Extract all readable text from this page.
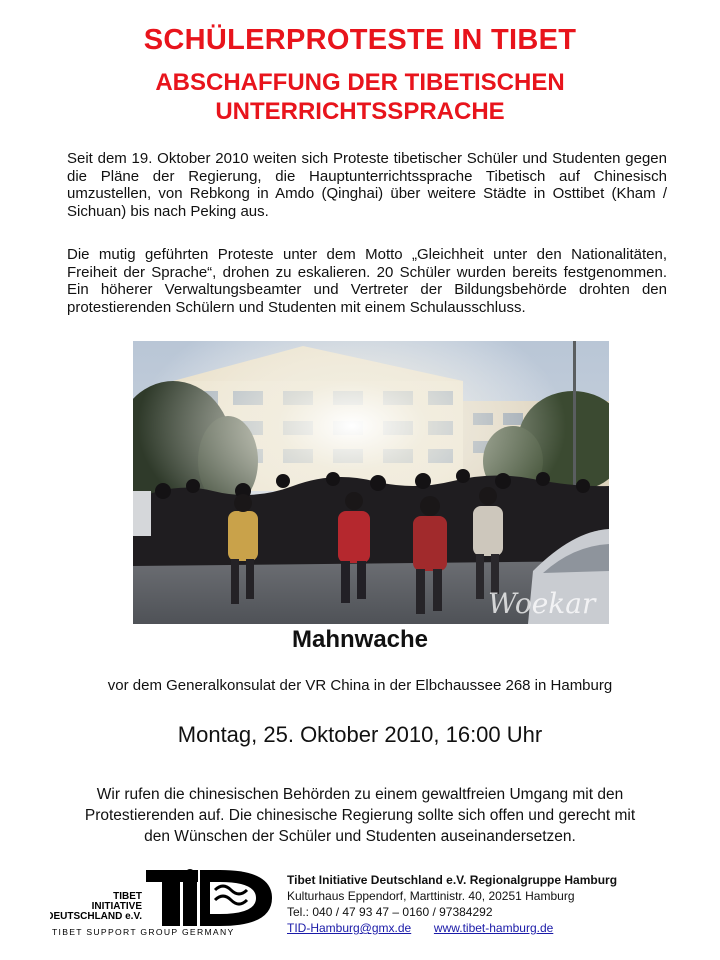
SCHÜLERPROTESTE IN TIBET
ABSCHAFFUNG DER TIBETISCHEN
UNTERRICHTSSPRACHE
Seit dem 19. Oktober 2010 weiten sich Proteste tibetischer Schüler und Studenten gegen die Pläne der Regierung, die Hauptunterrichtssprache Tibetisch auf Chinesisch umzustellen, von Rebkong in Amdo (Qinghai) über weitere Städte in Osttibet (Kham / Sichuan) bis nach Peking aus.
Die mutig geführten Proteste unter dem Motto „Gleichheit unter den Nationalitäten, Freiheit der Sprache“, drohen zu eskalieren. 20 Schüler wurden bereits festgenommen. Ein höherer Verwaltungsbeamter und Vertreter der Bildungsbehörde drohten den protestierenden Schülern und Studenten mit einem Schulausschluss.
Woekar
Mahnwache
vor dem Generalkonsulat der VR China in der Elbchaussee 268 in Hamburg
Montag, 25. Oktober 2010, 16:00 Uhr
Wir rufen die chinesischen Behörden zu einem gewaltfreien Umgang mit den
Protestierenden auf. Die chinesische Regierung sollte sich offen und gerecht mit
den Wünschen der Schüler und Studenten auseinandersetzen.
TIBET
INITIATIVE
DEUTSCHLAND e.V.
TIBET SUPPORT GROUP GERMANY
Tibet Initiative Deutschland e.V. Regionalgruppe Hamburg
Kulturhaus Eppendorf, Marttinistr. 40, 20251 Hamburg
Tel.: 040 / 47 93 47 – 0160 / 97384292
TID-Hamburg@gmx.de www.tibet-hamburg.de
